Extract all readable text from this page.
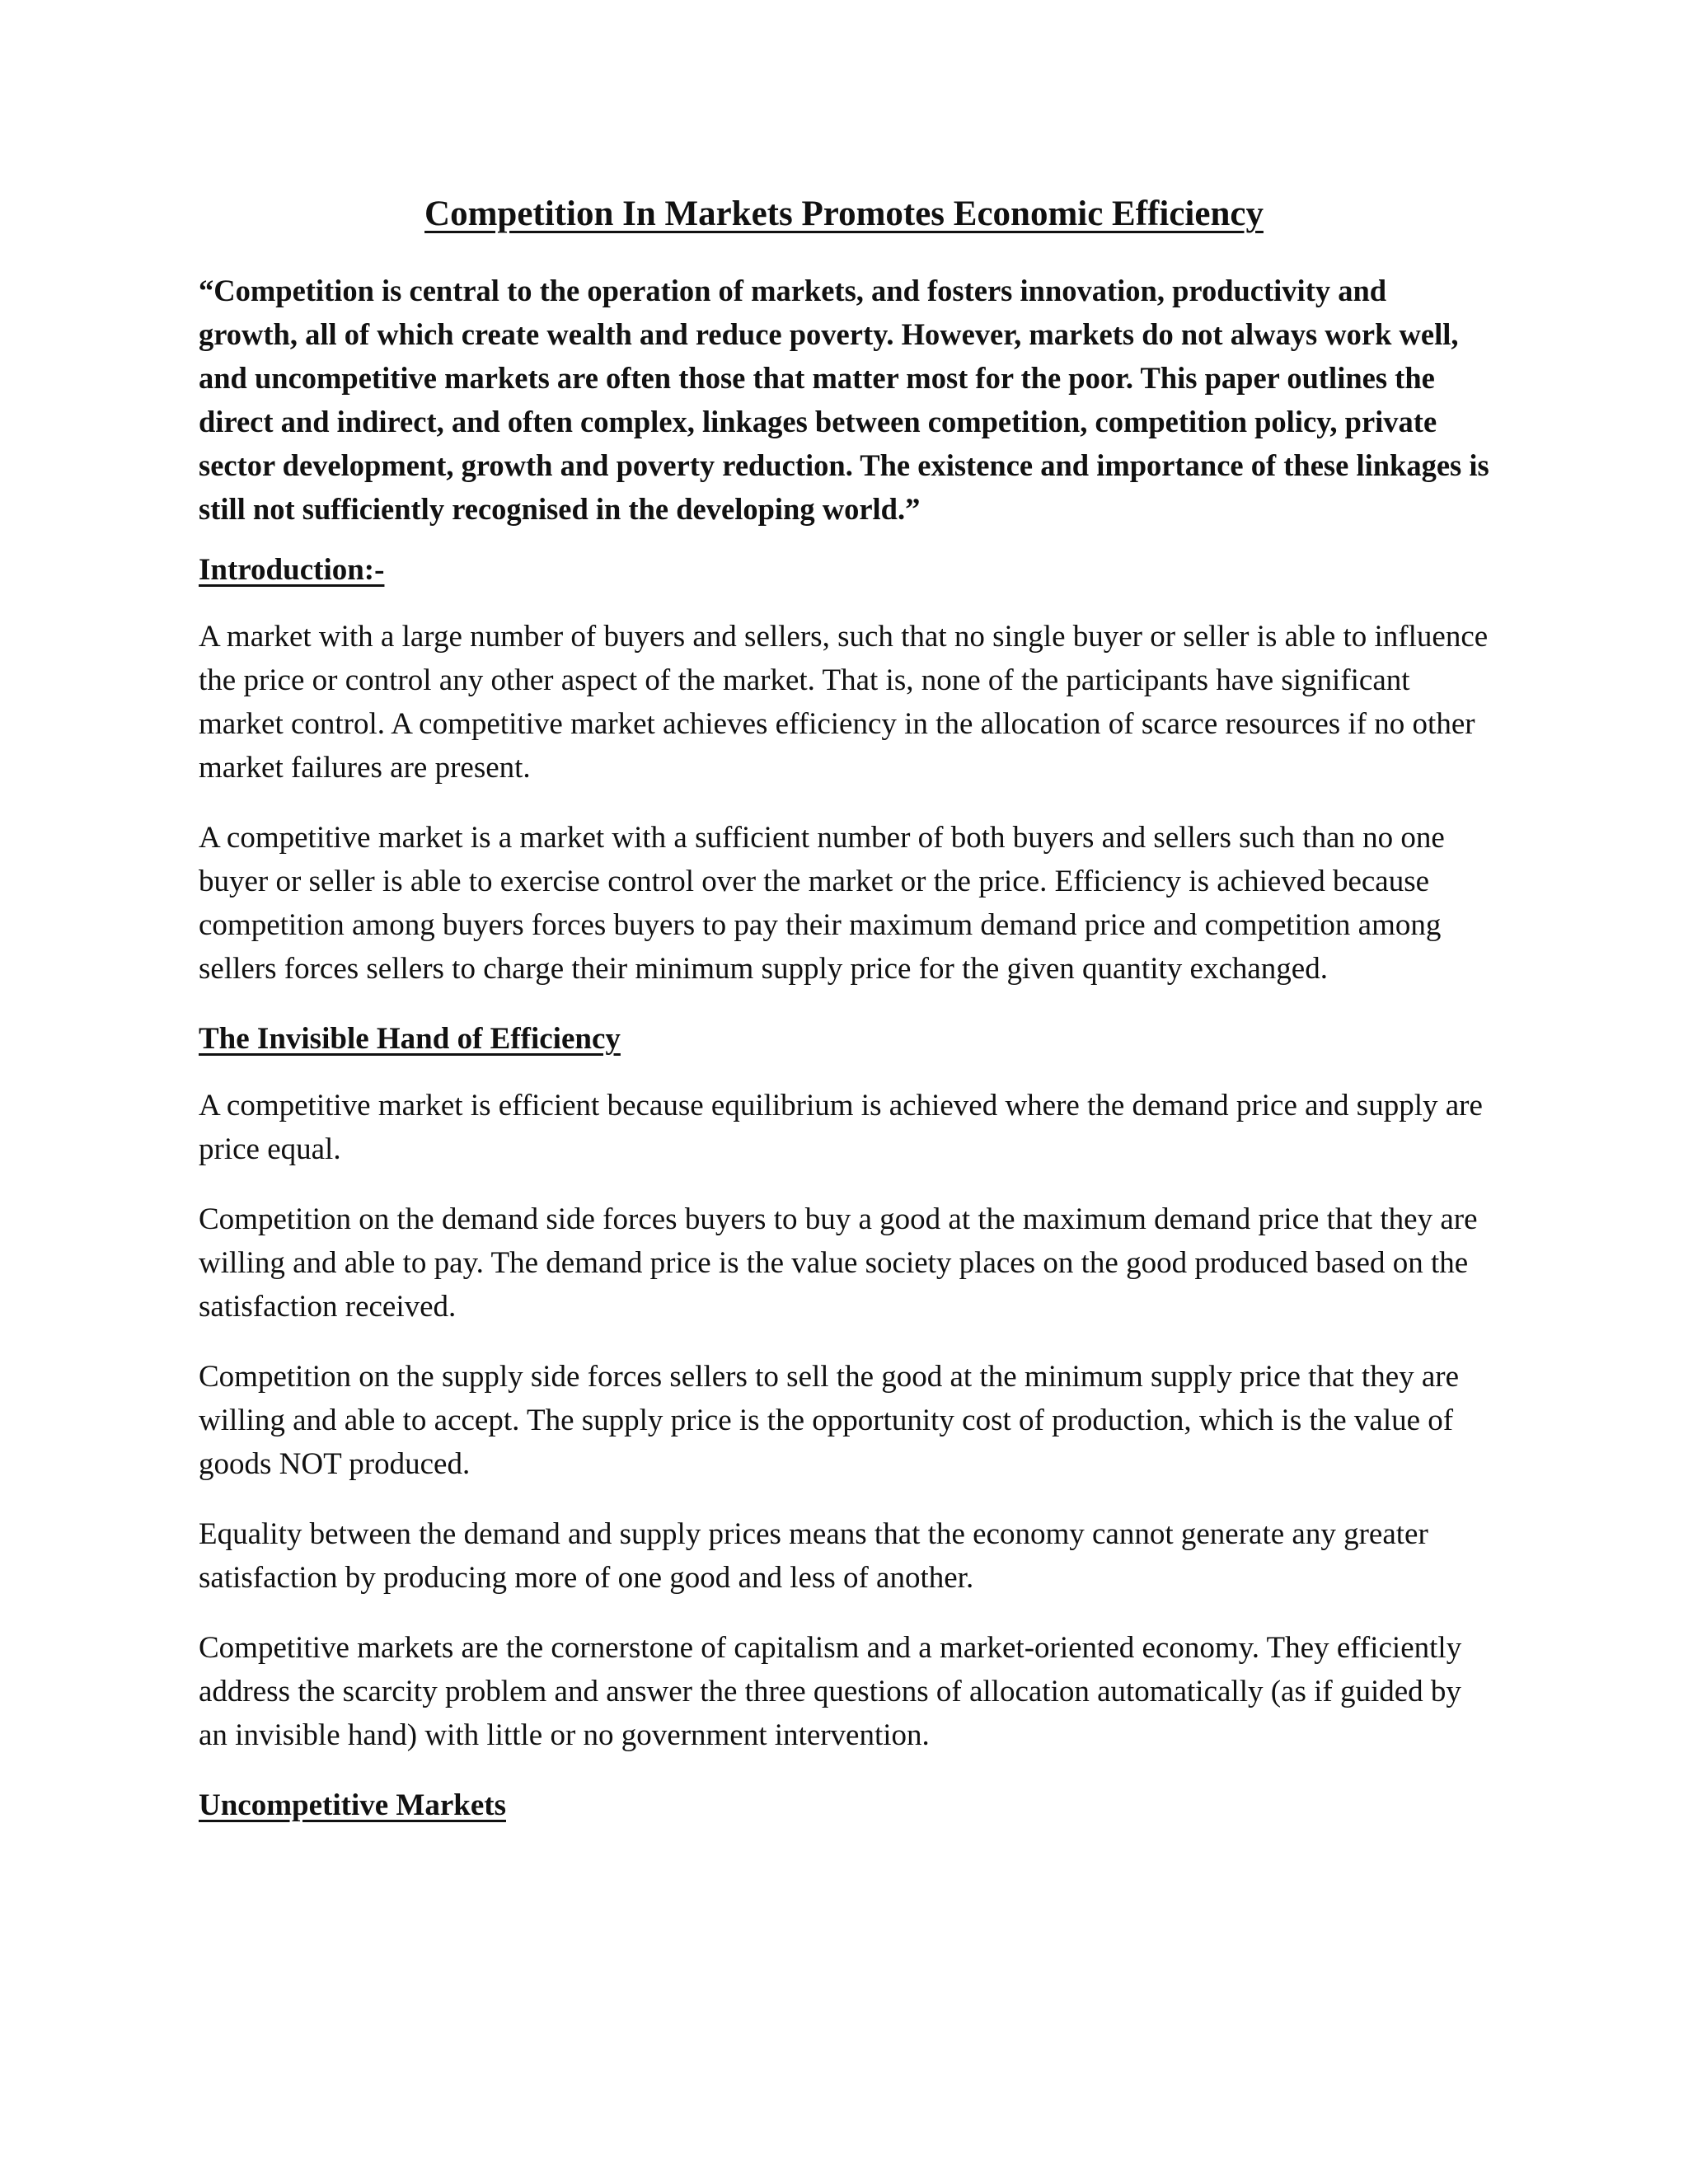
Competition In Markets Promotes Economic Efficiency

“Competition is central to the operation of markets, and fosters innovation, productivity and growth, all of which create wealth and reduce poverty. However, markets do not always work well, and uncompetitive markets are often those that matter most for the poor. This paper outlines the direct and indirect, and often complex, linkages between competition, competition policy, private sector development, growth and poverty reduction. The existence and importance of these linkages is still not sufficiently recognised in the developing world.”

Introduction:-

A market with a large number of buyers and sellers, such that no single buyer or seller is able to influence the price or control any other aspect of the market. That is, none of the participants have significant market control. A competitive market achieves efficiency in the allocation of scarce resources if no other market failures are present.

A competitive market is a market with a sufficient number of both buyers and sellers such than no one buyer or seller is able to exercise control over the market or the price. Efficiency is achieved because competition among buyers forces buyers to pay their maximum demand price and competition among sellers forces sellers to charge their minimum supply price for the given quantity exchanged.

The Invisible Hand of Efficiency

A competitive market is efficient because equilibrium is achieved where the demand price and supply are price equal.

Competition on the demand side forces buyers to buy a good at the maximum demand price that they are willing and able to pay. The demand price is the value society places on the good produced based on the satisfaction received.

Competition on the supply side forces sellers to sell the good at the minimum supply price that they are willing and able to accept. The supply price is the opportunity cost of production, which is the value of goods NOT produced.

Equality between the demand and supply prices means that the economy cannot generate any greater satisfaction by producing more of one good and less of another.

Competitive markets are the cornerstone of capitalism and a market-oriented economy. They efficiently address the scarcity problem and answer the three questions of allocation automatically (as if guided by an invisible hand) with little or no government intervention.

Uncompetitive Markets
